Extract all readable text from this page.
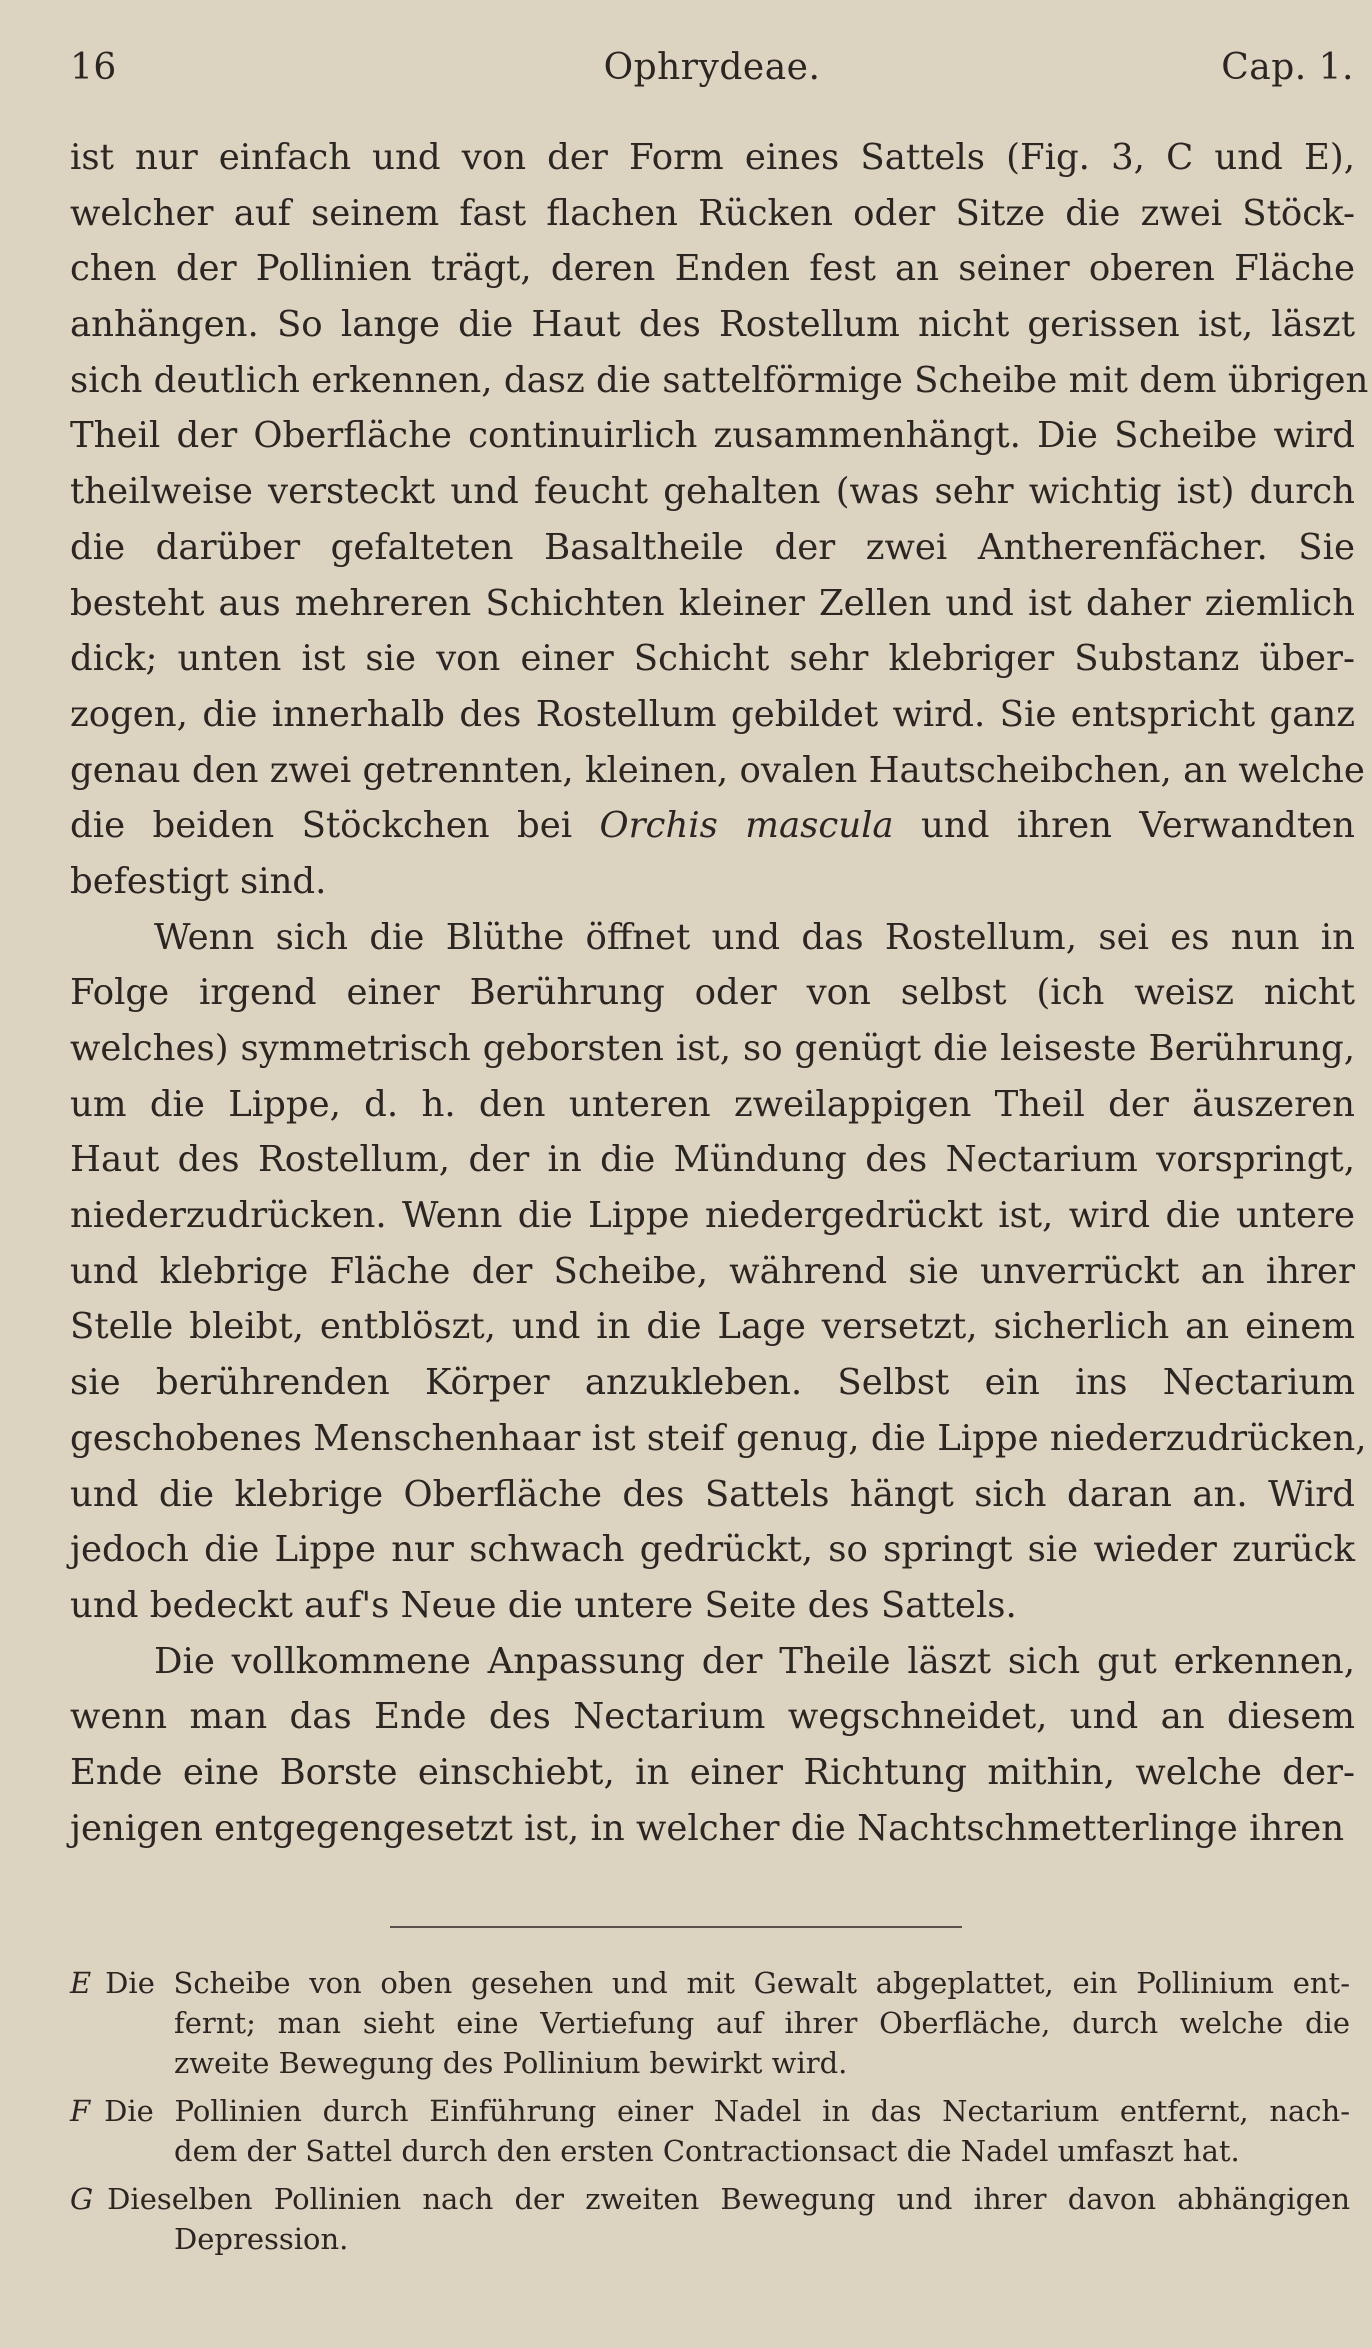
16	Ophrydeae.	Cap. 1.
ist nur einfach und von der Form eines Sattels (Fig. 3, C und E),
welcher auf seinem fast flachen Rücken oder Sitze die zwei Stöck-
chen der Pollinien trägt, deren Enden fest an seiner oberen Fläche
anhängen. So lange die Haut des Rostellum nicht gerissen ist, läszt
sich deutlich erkennen, dasz die sattelförmige Scheibe mit dem übrigen
Theil der Oberfläche continuirlich zusammenhängt. Die Scheibe wird
theilweise versteckt und feucht gehalten (was sehr wichtig ist) durch
die darüber gefalteten Basaltheile der zwei Antherenfächer. Sie
besteht aus mehreren Schichten kleiner Zellen und ist daher ziemlich
dick; unten ist sie von einer Schicht sehr klebriger Substanz über-
zogen, die innerhalb des Rostellum gebildet wird. Sie entspricht ganz
genau den zwei getrennten, kleinen, ovalen Hautscheibchen, an welche
die beiden Stöckchen bei Orchis mascula und ihren Verwandten
befestigt sind.
Wenn sich die Blüthe öffnet und das Rostellum, sei es nun in
Folge irgend einer Berührung oder von selbst (ich weisz nicht
welches) symmetrisch geborsten ist, so genügt die leiseste Berührung,
um die Lippe, d. h. den unteren zweilappigen Theil der äuszeren
Haut des Rostellum, der in die Mündung des Nectarium vorspringt,
niederzudrücken. Wenn die Lippe niedergedrückt ist, wird die untere
und klebrige Fläche der Scheibe, während sie unverrückt an ihrer
Stelle bleibt, entblöszt, und in die Lage versetzt, sicherlich an einem
sie berührenden Körper anzukleben. Selbst ein ins Nectarium
geschobenes Menschenhaar ist steif genug, die Lippe niederzudrücken,
und die klebrige Oberfläche des Sattels hängt sich daran an. Wird
jedoch die Lippe nur schwach gedrückt, so springt sie wieder zurück
und bedeckt auf's Neue die untere Seite des Sattels.
Die vollkommene Anpassung der Theile läszt sich gut erkennen,
wenn man das Ende des Nectarium wegschneidet, und an diesem
Ende eine Borste einschiebt, in einer Richtung mithin, welche der-
jenigen entgegengesetzt ist, in welcher die Nachtschmetterlinge ihren
E Die Scheibe von oben gesehen und mit Gewalt abgeplattet, ein Pollinium ent-
fernt; man sieht eine Vertiefung auf ihrer Oberfläche, durch welche die
zweite Bewegung des Pollinium bewirkt wird.
F Die Pollinien durch Einführung einer Nadel in das Nectarium entfernt, nach-
dem der Sattel durch den ersten Contractionsact die Nadel umfaszt hat.
G Dieselben Pollinien nach der zweiten Bewegung und ihrer davon abhängigen
Depression.
